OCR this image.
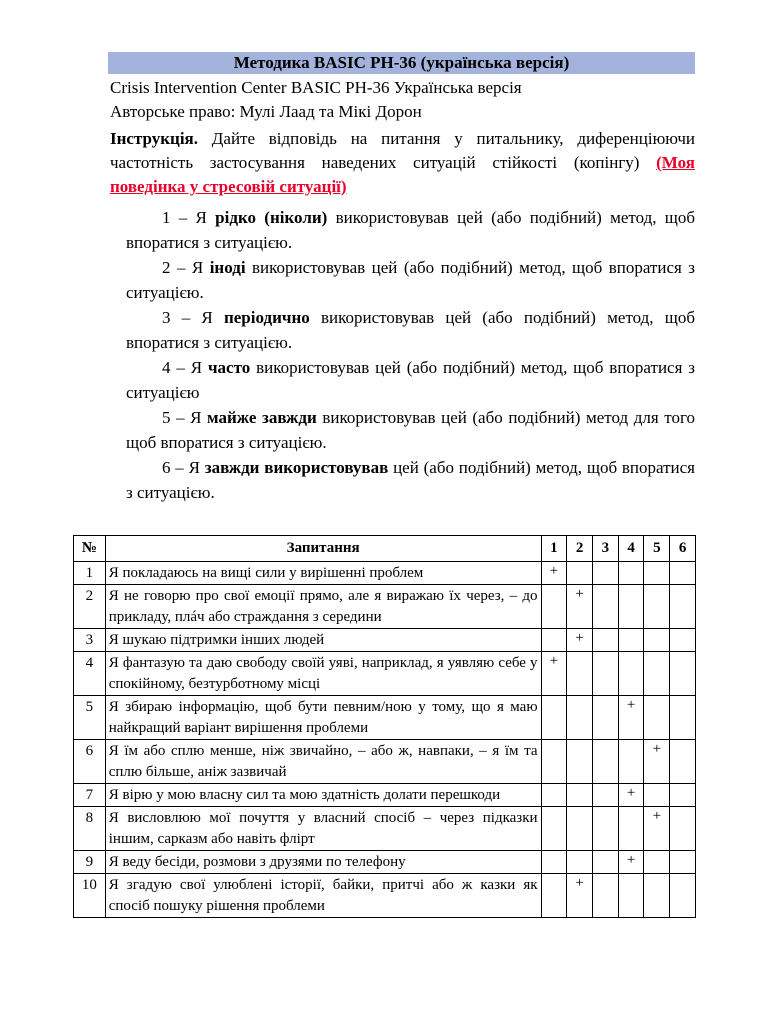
Методика BASIC PH-36 (українська версія)
Crisis Intervention Center BASIC PH-36 Українська версія
Авторське право: Мулі Лаад та Мікі Дорон
Інструкція. Дайте відповідь на питання у питальнику, диференціюючи частотність застосування наведених ситуацій стійкості (копінгу) (Моя поведінка у стресовій ситуації)
1 – Я рідко (ніколи) використовував цей (або подібний) метод, щоб впоратися з ситуацією.
2 – Я іноді використовував цей (або подібний) метод, щоб впоратися з ситуацією.
3 – Я періодично використовував цей (або подібний) метод, щоб впоратися з ситуацією.
4 – Я часто використовував цей (або подібний) метод, щоб впоратися з ситуацією
5 – Я майже завжди використовував цей (або подібний) метод для того щоб впоратися з ситуацією.
6 – Я завжди використовував цей (або подібний) метод, щоб впоратися з ситуацією.
№	Запитання	1	2	3	4	5	6
1	Я покладаюсь на вищі сили у вирішенні проблем	+					
2	Я не говорю про свої емоції прямо, але я виражаю їх через, – до прикладу, плáч або страждання з середини		+				
3	Я шукаю підтримки інших людей		+				
4	Я фантазую та даю свободу своїй уяві, наприклад, я уявляю себе у спокійному, безтурботному місці	+					
5	Я збираю інформацію, щоб бути певним/ною у тому, що я маю найкращий варіант вирішення проблеми				+		
6	Я їм або сплю менше, ніж звичайно, – або ж, навпаки, – я їм та сплю більше, аніж зазвичай					+	
7	Я вірю у мою власну сил та мою здатність долати перешкоди				+		
8	Я висловлюю мої почуття у власний спосіб – через підказки іншим, сарказм або навіть флірт					+	
9	Я веду бесіди, розмови з друзями по телефону				+		
10	Я згадую свої улюблені історії, байки, притчі або ж казки як спосіб пошуку рішення проблеми		+				
